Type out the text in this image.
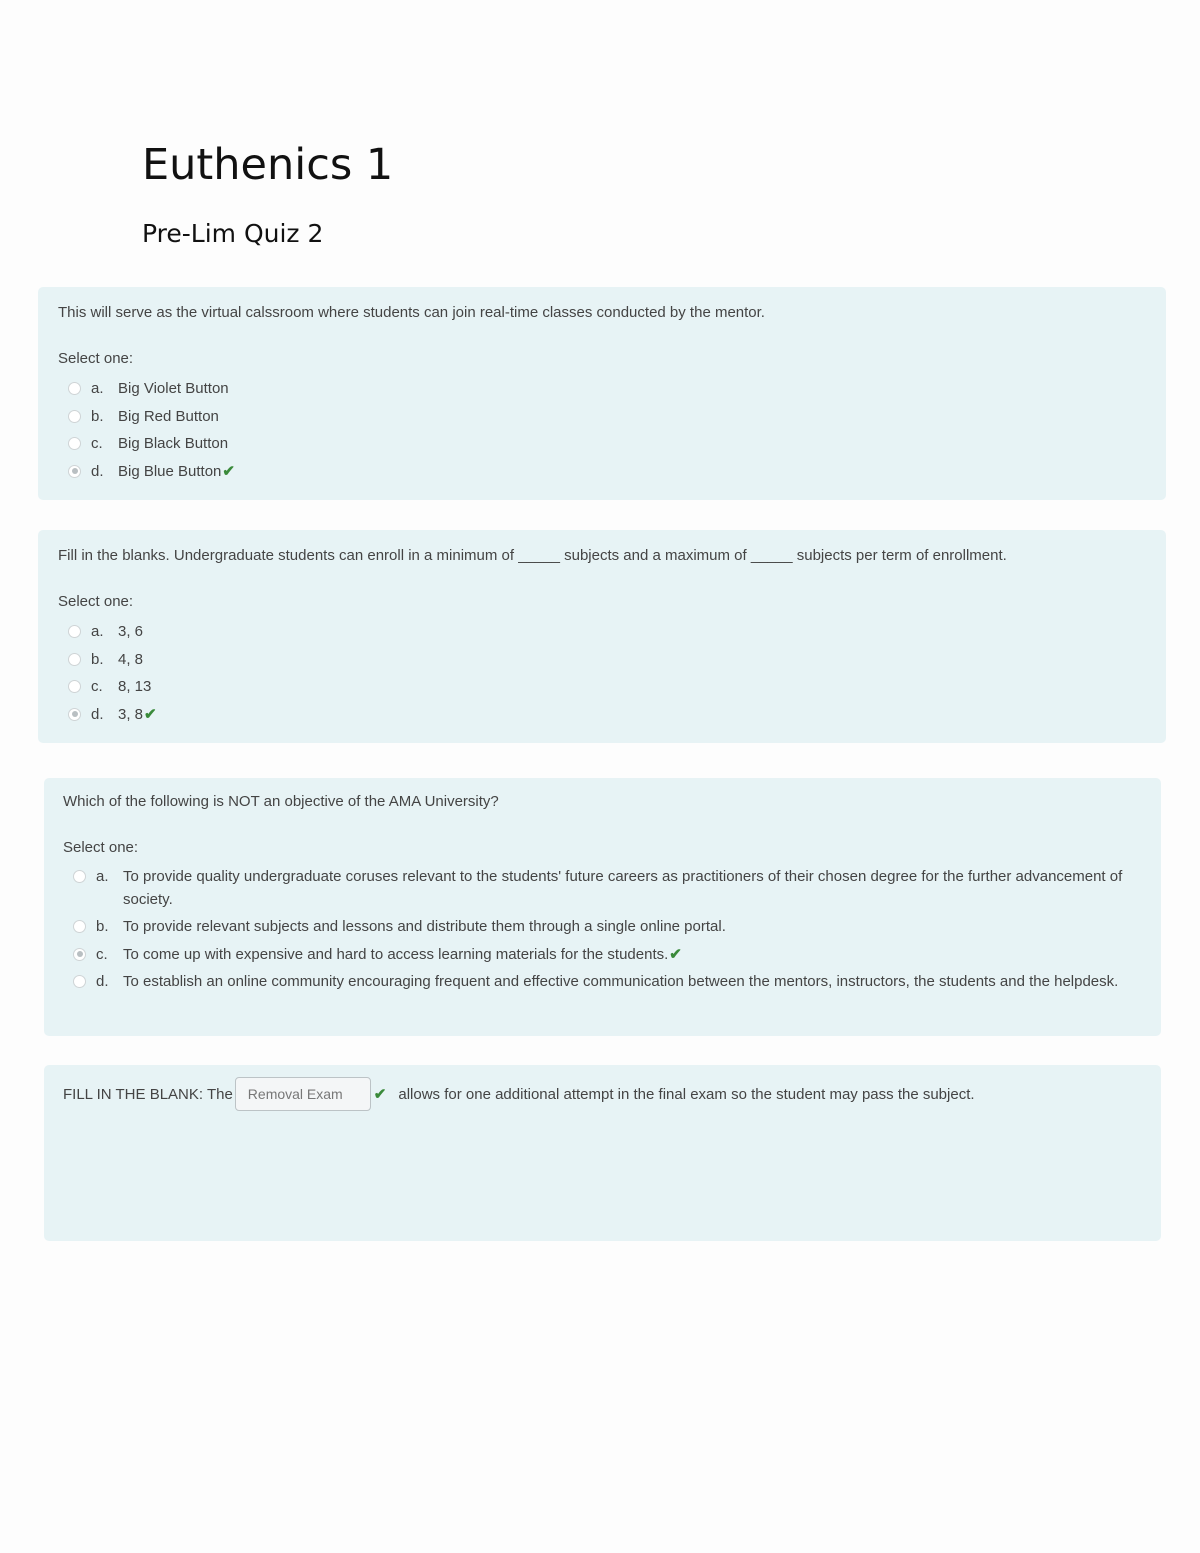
Euthenics 1
Pre-Lim Quiz 2

This will serve as the virtual calssroom where students can join real-time classes conducted by the mentor.

Select one:
a. Big Violet Button
b. Big Red Button
c.	Big Black Button
d. Big Blue Button ✔

Fill in the blanks. Undergraduate students can enroll in a minimum of _____ subjects and a maximum of _____ subjects per term of enrollment.

Select one:
a. 3, 6
b. 4, 8
c.	8, 13
d. 3, 8 ✔

Which of the following is NOT an objective of the AMA University?

Select one:
a. To provide quality undergraduate coruses relevant to the students' future careers as practitioners of their chosen degree for the further advancement of society.
b. To provide relevant subjects and lessons and distribute them through a single online portal.
c.	To come up with expensive and hard to access learning materials for the students. ✔
d. To establish an online community encouraging frequent and effective communication between the mentors, instructors, the students and the helpdesk.
FILL IN THE BLANK: The
Removal Exam	✔ allows for one additional attempt in the final exam so the student may pass the subject.
